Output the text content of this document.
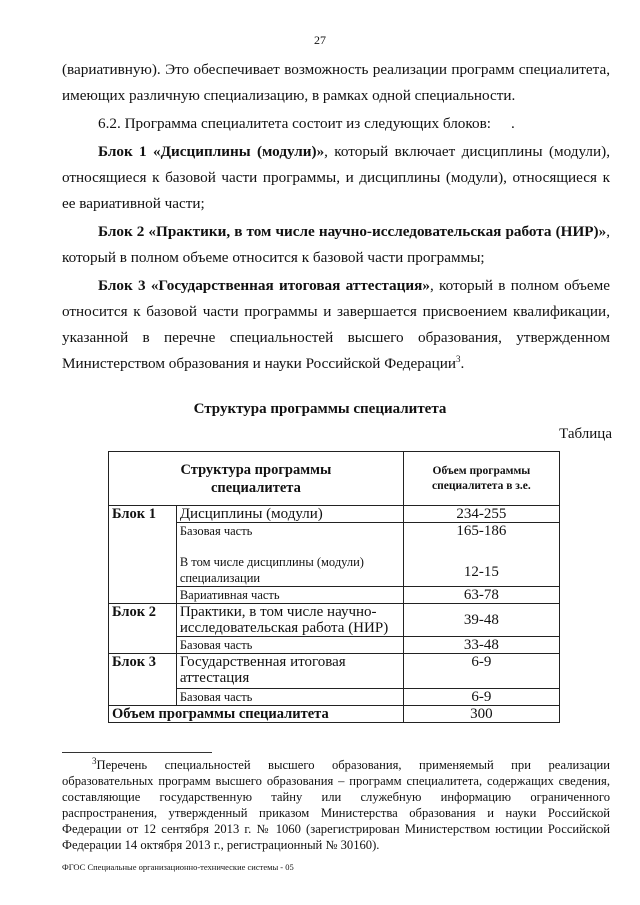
27

(вариативную). Это обеспечивает возможность реализации программ специалитета, имеющих различную специализацию, в рамках одной специальности.

6.2. Программа специалитета состоит из следующих блоков: .

Блок 1 «Дисциплины (модули)», который включает дисциплины (модули), относящиеся к базовой части программы, и дисциплины (модули), относящиеся к ее вариативной части;

Блок 2 «Практики, в том числе научно-исследовательская работа (НИР)», который в полном объеме относится к базовой части программы;

Блок 3 «Государственная итоговая аттестация», который в полном объеме относится к базовой части программы и завершается присвоением квалификации, указанной в перечне специальностей высшего образования, утвержденном

Министерством образования и науки Российской Федерации$^3$.

Структура программы специалитета
Таблица
Структура программы специалитета		Объем программы специалитета в з.е.

Блок 1	Дисциплины (модули)	234-255
	Базовая часть	165-186

	В том числе дисциплины (модули) специализации	12-15
	Вариативная часть	63-78
Блок 2	Практики, в том числе научно-исследовательская работа (НИР)	39-48
	Базовая часть	33-48
Блок 3	Государственная итоговая аттестация	6-9
	Базовая часть	6-9
Объем программы специалитета		300
$^3$Перечень специальностей высшего образования, применяемый при реализации образовательных программ высшего образования – программ специалитета, содержащих сведения, составляющие государственную тайну или служебную информацию ограниченного распространения, утвержденный приказом Министерства образования и науки Российской Федерации от 12 сентября 2013 г. № 1060 (зарегистрирован Министерством юстиции Российской Федерации 14 октября 2013 г., регистрационный № 30160).
ФГОС Специальные организационно-технические системы - 05
